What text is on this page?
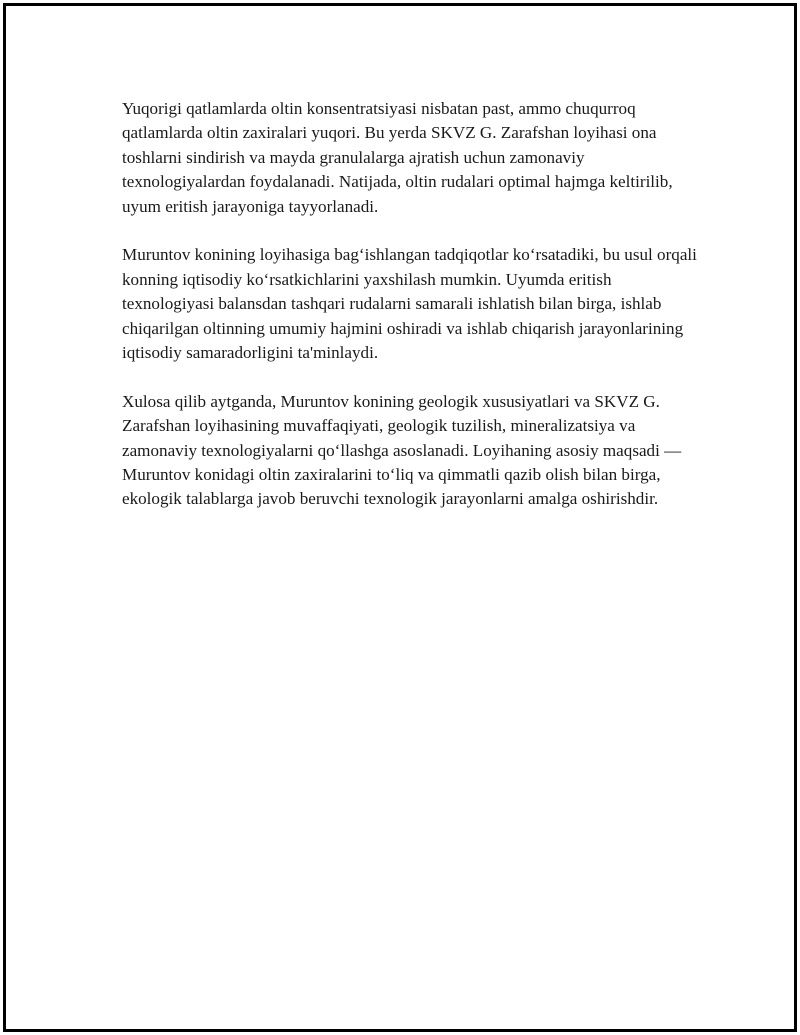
Yuqorigi qatlamlarda oltin konsentratsiyasi nisbatan past, ammo chuqurroq qatlamlarda oltin zaxiralari yuqori. Bu yerda SKVZ G. Zarafshan loyihasi ona toshlarni sindirish va mayda granulalarga ajratish uchun zamonaviy texnologiyalardan foydalanadi. Natijada, oltin rudalari optimal hajmga keltirilib, uyum eritish jarayoniga tayyorlanadi.

Muruntov konining loyihasiga bag‘ishlangan tadqiqotlar ko‘rsatadiki, bu usul orqali konning iqtisodiy ko‘rsatkichlarini yaxshilash mumkin. Uyumda eritish texnologiyasi balansdan tashqari rudalarni samarali ishlatish bilan birga, ishlab chiqarilgan oltinning umumiy hajmini oshiradi va ishlab chiqarish jarayonlarining iqtisodiy samaradorligini ta'minlaydi.

Xulosa qilib aytganda, Muruntov konining geologik xususiyatlari va SKVZ G. Zarafshan loyihasining muvaffaqiyati, geologik tuzilish, mineralizatsiya va zamonaviy texnologiyalarni qo‘llashga asoslanadi. Loyihaning asosiy maqsadi — Muruntov konidagi oltin zaxiralarini to‘liq va qimmatli qazib olish bilan birga, ekologik talablarga javob beruvchi texnologik jarayonlarni amalga oshirishdir.
